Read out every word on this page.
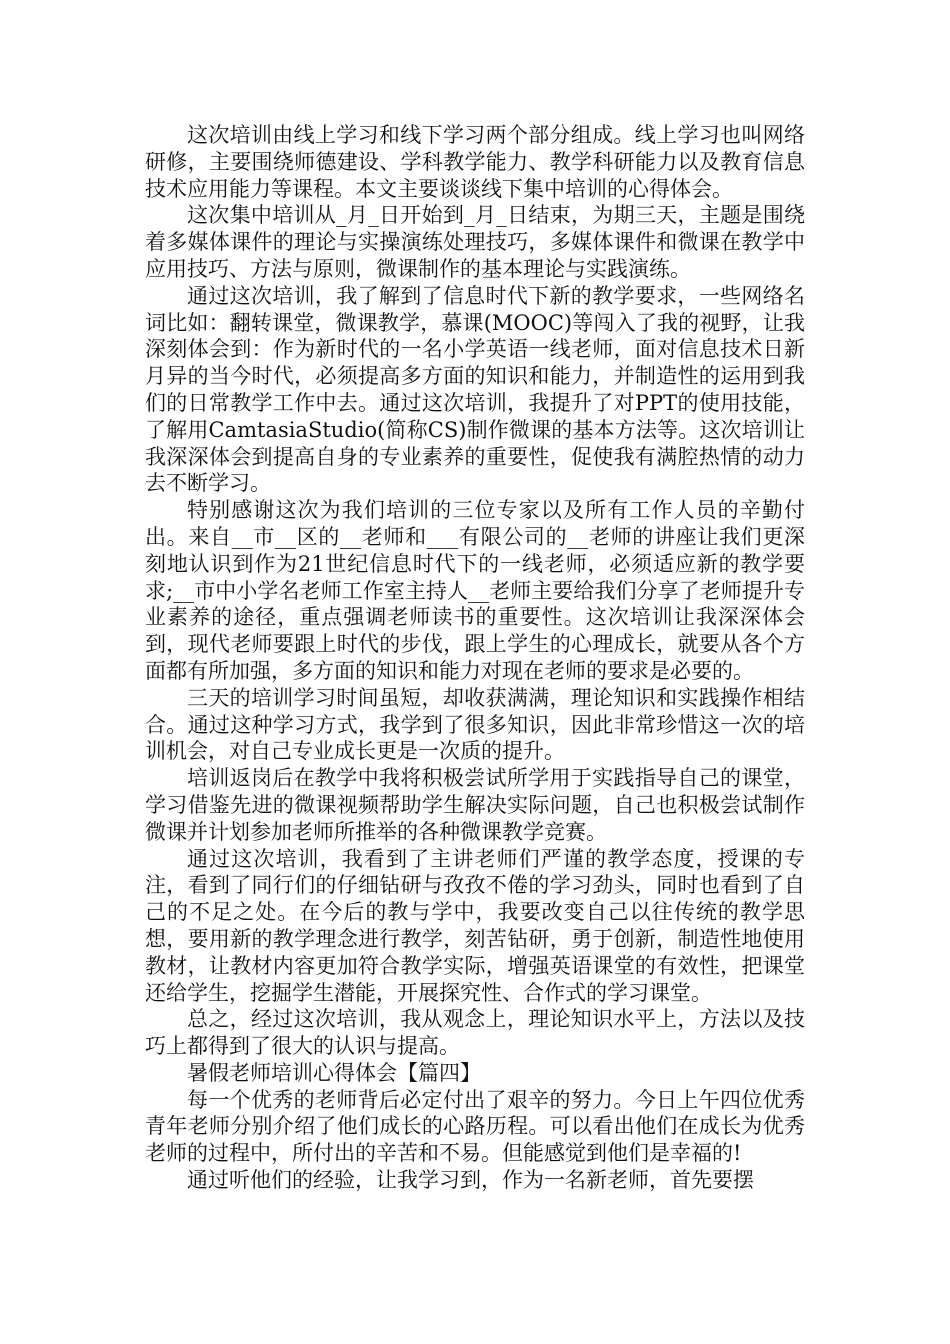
这次培训由线上学习和线下学习两个部分组成。线上学习也叫网络研修，主要围绕师德建设、学科教学能力、教学科研能力以及教育信息技术应用能力等课程。本文主要谈谈线下集中培训的心得体会。

这次集中培训从_月_日开始到_月_日结束，为期三天，主题是围绕着多媒体课件的理论与实操演练处理技巧，多媒体课件和微课在教学中应用技巧、方法与原则，微课制作的基本理论与实践演练。

通过这次培训，我了解到了信息时代下新的教学要求，一些网络名词比如：翻转课堂，微课教学，慕课(MOOC)等闯入了我的视野，让我深刻体会到：作为新时代的一名小学英语一线老师，面对信息技术日新月异的当今时代，必须提高多方面的知识和能力，并制造性的运用到我们的日常教学工作中去。通过这次培训，我提升了对PPT的使用技能，了解用CamtasiaStudio(简称CS)制作微课的基本方法等。这次培训让我深深体会到提高自身的专业素养的重要性，促使我有满腔热情的动力去不断学习。

特别感谢这次为我们培训的三位专家以及所有工作人员的辛勤付出。来自__市__区的__老师和___有限公司的__老师的讲座让我们更深刻地认识到作为21世纪信息时代下的一线老师，必须适应新的教学要求;__市中小学名老师工作室主持人__老师主要给我们分享了老师提升专业素养的途径，重点强调老师读书的重要性。这次培训让我深深体会到，现代老师要跟上时代的步伐，跟上学生的心理成长，就要从各个方面都有所加强，多方面的知识和能力对现在老师的要求是必要的。

三天的培训学习时间虽短，却收获满满，理论知识和实践操作相结合。通过这种学习方式，我学到了很多知识，因此非常珍惜这一次的培训机会，对自己专业成长更是一次质的提升。

培训返岗后在教学中我将积极尝试所学用于实践指导自己的课堂，学习借鉴先进的微课视频帮助学生解决实际问题，自己也积极尝试制作微课并计划参加老师所推举的各种微课教学竞赛。

通过这次培训，我看到了主讲老师们严谨的教学态度，授课的专注，看到了同行们的仔细钻研与孜孜不倦的学习劲头，同时也看到了自己的不足之处。在今后的教与学中，我要改变自己以往传统的教学思想，要用新的教学理念进行教学，刻苦钻研，勇于创新，制造性地使用教材，让教材内容更加符合教学实际，增强英语课堂的有效性，把课堂还给学生，挖掘学生潜能，开展探究性、合作式的学习课堂。

总之，经过这次培训，我从观念上，理论知识水平上，方法以及技巧上都得到了很大的认识与提高。

暑假老师培训心得体会【篇四】

每一个优秀的老师背后必定付出了艰辛的努力。今日上午四位优秀青年老师分别介绍了他们成长的心路历程。可以看出他们在成长为优秀老师的过程中，所付出的辛苦和不易。但能感觉到他们是幸福的!

通过听他们的经验，让我学习到，作为一名新老师，首先要摆
